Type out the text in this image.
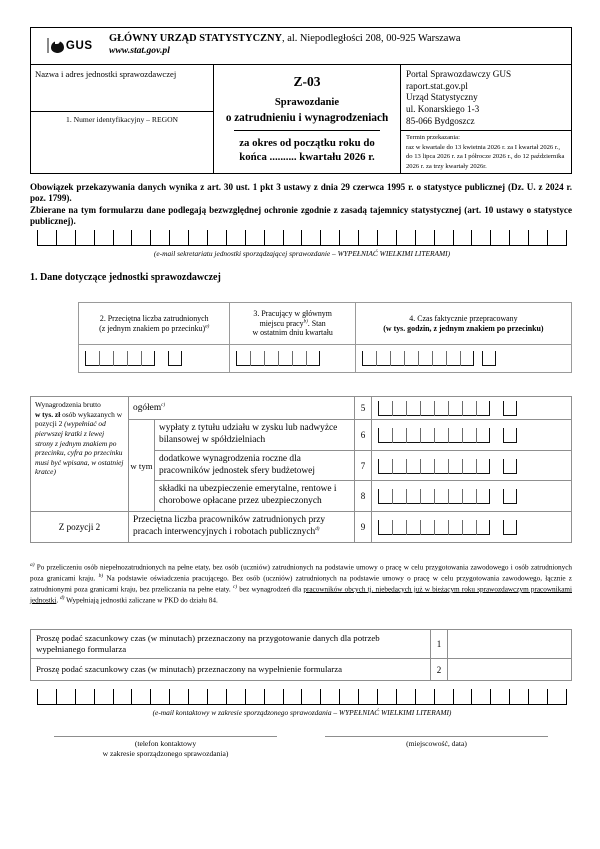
GUS
GŁÓWNY URZĄD STATYSTYCZNY, al. Niepodległości 208, 00-925 Warszawa
www.stat.gov.pl
Nazwa i adres jednostki sprawozdawczej
1. Numer identyfikacyjny – REGON
Z-03
Sprawozdanie
o zatrudnieniu i wynagrodzeniach
za okres od początku roku do
końca .......... kwartału 2026 r.
Portal Sprawozdawczy GUS
raport.stat.gov.pl
Urząd Statystyczny
ul. Konarskiego 1-3
85-066 Bydgoszcz
Termin przekazania:
raz w kwartale do 13 kwietnia 2026 r. za I kwartał 2026 r., do 13 lipca 2026 r. za I półrocze 2026 r., do 12 października 2026 r. za trzy kwartały 2026r.

Obowiązek przekazywania danych wynika z art. 30 ust. 1 pkt 3 ustawy z dnia 29 czerwca 1995 r. o statystyce publicznej (Dz. U. z 2024 r. poz. 1799).

Zbierane na tym formularzu dane podlegają bezwzględnej ochronie zgodnie z zasadą tajemnicy statystycznej (art. 10 ustawy o statystyce publicznej).

(e-mail sekretariatu jednostki sporządzającej sprawozdanie – WYPEŁNIAĆ WIELKIMI LITERAMI)
1. Dane dotyczące jednostki sprawozdawczej
2. Przeciętna liczba zatrudnionych
(z jednym znakiem po przecinku)$^{a)}$	3. Pracujący w głównym
miejscu pracy$^{b)}$. Stan
w ostatnim dniu kwartału	4. Czas faktycznie przepracowany
(w tys. godzin, z jednym znakiem po przecinku)

Wynagrodzenia brutto
w tys. zł osób wykazanych w pozycji 2 (wypełniać od pierwszej kratki z lewej strony z jednym znakiem po przecinku, cyfra po przecinku musi być wpisana, w ostatniej kratce)	ogółem$^{c)}$		5	

	w tym	wypłaty z tytułu udziału w zysku lub nadwyżce bilansowej w spółdzielniach	6	

		dodatkowe wynagrodzenia roczne dla pracowników jednostek sfery budżetowej	7	

		składki na ubezpieczenie emerytalne, rentowe i chorobowe opłacane przez ubezpieczonych	8	

Z pozycji 2	Przeciętna liczba pracowników zatrudnionych przy pracach interwencyjnych i robotach publicznych$^{d)}$		9	
$^{a)}$ Po przeliczeniu osób niepełnozatrudnionych na pełne etaty, bez osób (uczniów) zatrudnionych na podstawie umowy o pracę w celu przygotowania zawodowego i osób zatrudnionych poza granicami kraju. $^{b)}$ Na podstawie oświadczenia pracującego. Bez osób (uczniów) zatrudnionych na podstawie umowy o pracę w celu przygotowania zawodowego, łącznie z zatrudnionymi poza granicami kraju, bez przeliczania na pełne etaty. $^{c)}$ bez wynagrodzeń dla pracowników obcych tj. niebędących już w bieżącym roku sprawozdawczym pracownikami jednostki. $^{d)}$ Wypełniają jednostki zaliczane w PKD do działu 84.
Proszę podać szacunkowy czas (w minutach) przeznaczony na przygotowanie danych dla potrzeb wypełnianego formularza	1	
Proszę podać szacunkowy czas (w minutach) przeznaczony na wypełnienie formularza	2	
(e-mail kontaktowy w zakresie sporządzonego sprawozdania – WYPEŁNIAĆ WIELKIMI LITERAMI)
(telefon kontaktowy
w zakresie sporządzonego sprawozdania)
(miejscowość, data)
